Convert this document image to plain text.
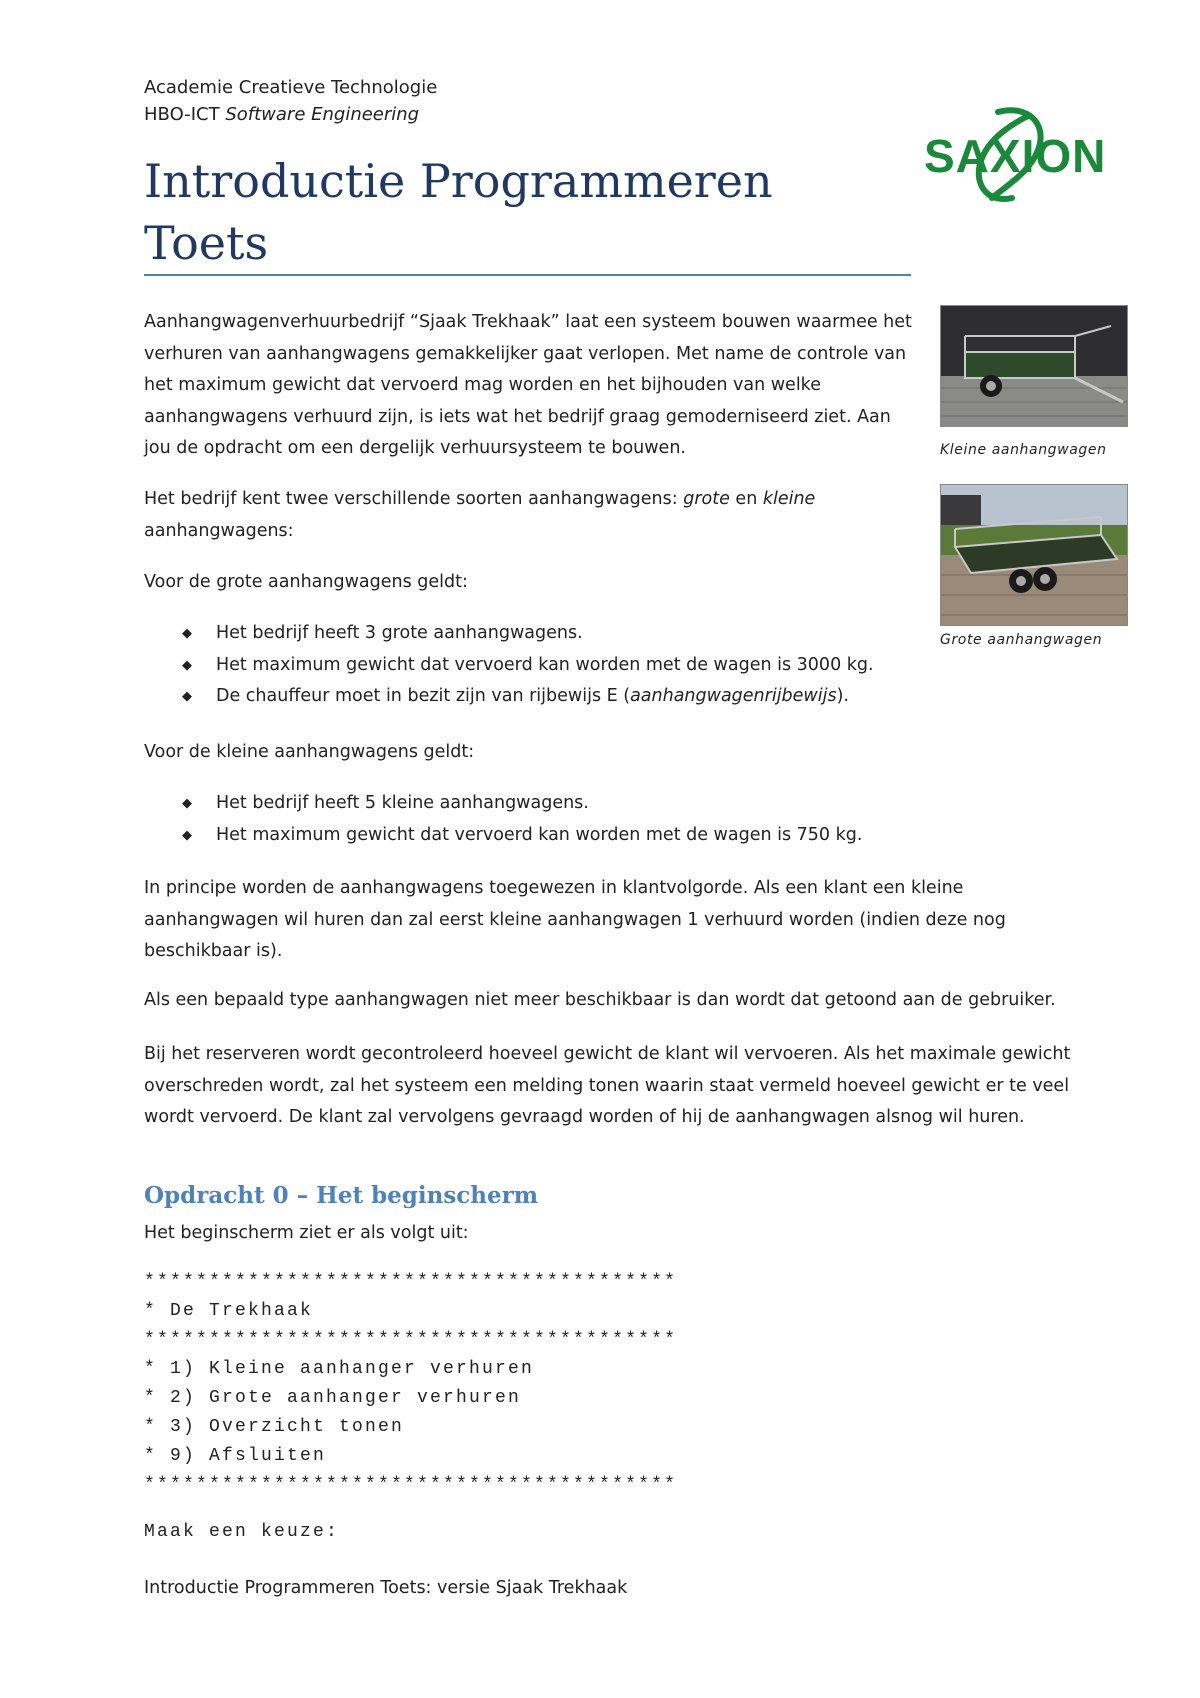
Academie Creatieve Technologie
HBO-ICT Software Engineering
Introductie Programmeren
Toets
SAXION
Aanhangwagenverhuurbedrijf “Sjaak Trekhaak” laat een systeem bouwen waarmee het verhuren van aanhangwagens gemakkelijker gaat verlopen. Met name de controle van het maximum gewicht dat vervoerd mag worden en het bijhouden van welke aanhangwagens verhuurd zijn, is iets wat het bedrijf graag gemoderniseerd ziet. Aan jou de opdracht om een dergelijk verhuursysteem te bouwen.	Kleine aanhangwagen
Grote aanhangwagen
Het bedrijf kent twee verschillende soorten aanhangwagens: grote en kleine aanhangwagens:
Voor de grote aanhangwagens geldt:
◆ Het bedrijf heeft 3 grote aanhangwagens.
◆ Het maximum gewicht dat vervoerd kan worden met de wagen is 3000 kg.
◆ De chauffeur moet in bezit zijn van rijbewijs E (aanhangwagenrijbewijs).
Voor de kleine aanhangwagens geldt:
◆ Het bedrijf heeft 5 kleine aanhangwagens.
◆ Het maximum gewicht dat vervoerd kan worden met de wagen is 750 kg.
In principe worden de aanhangwagens toegewezen in klantvolgorde. Als een klant een kleine aanhangwagen wil huren dan zal eerst kleine aanhangwagen 1 verhuurd worden (indien deze nog beschikbaar is).
Als een bepaald type aanhangwagen niet meer beschikbaar is dan wordt dat getoond aan de gebruiker.
Bij het reserveren wordt gecontroleerd hoeveel gewicht de klant wil vervoeren. Als het maximale gewicht overschreden wordt, zal het systeem een melding tonen waarin staat vermeld hoeveel gewicht er te veel wordt vervoerd. De klant zal vervolgens gevraagd worden of hij de aanhangwagen alsnog wil huren.
Opdracht 0 – Het beginscherm
Het beginscherm ziet er als volgt uit:
*****************************************
* De Trekhaak
*****************************************
* 1) Kleine aanhanger verhuren
* 2) Grote aanhanger verhuren
* 3) Overzicht tonen
* 9) Afsluiten
*****************************************
Maak een keuze:
Introductie Programmeren Toets: versie Sjaak Trekhaak
